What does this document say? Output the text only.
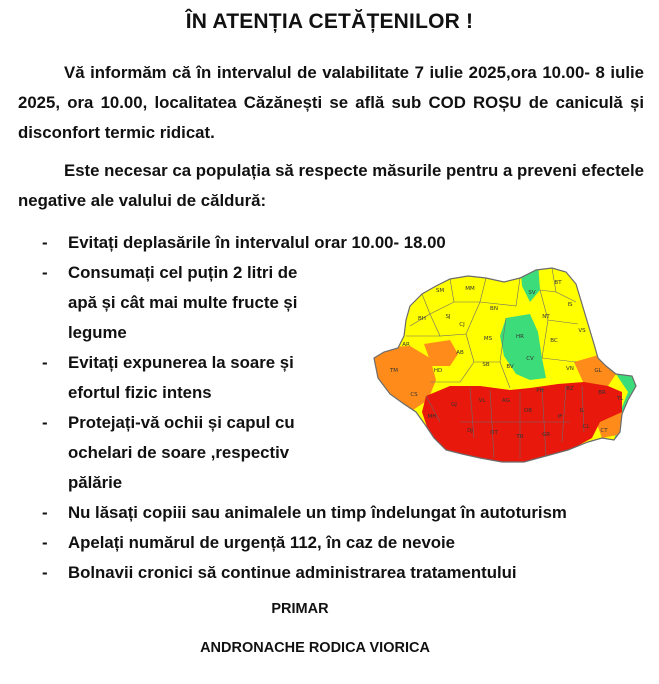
ÎN ATENȚIA CETĂȚENILOR !
Vă informăm că în intervalul de valabilitate 7 iulie 2025,ora 10.00- 8 iulie 2025, ora 10.00, localitatea Căzănești se află sub COD ROȘU de caniculă și disconfort termic ridicat.
Este necesar ca populația să respecte măsurile pentru a preveni efectele negative ale valului de căldură:
- Evitați deplasările în intervalul orar 10.00- 18.00
- Consumați cel puțin 2 litri de
apă și cât mai multe fructe și
legume
- Evitați expunerea la soare și
efortul fizic intens
- Protejați-vă ochii și capul cu
ochelari de soare ,respectiv
pălărie
- Nu lăsați copiii sau animalele un timp îndelungat în autoturism
- Apelați numărul de urgență 112, în caz de nevoie
- Bolnavii cronici să continue administrarea tratamentului
SM	MM
SV
BT
BH	SJ
BN
IS
NT
CJ
MS	HR
BC
VS
AR
AB
SB
CV
VN	GL
TM	HD
BV
BZ
BR
TL
CS
VL	AG
PH
IL
CT
GJ
DB
IF
CL
MH
DJ	OT
TR	GR
PRIMAR
ANDRONACHE RODICA VIORICA
